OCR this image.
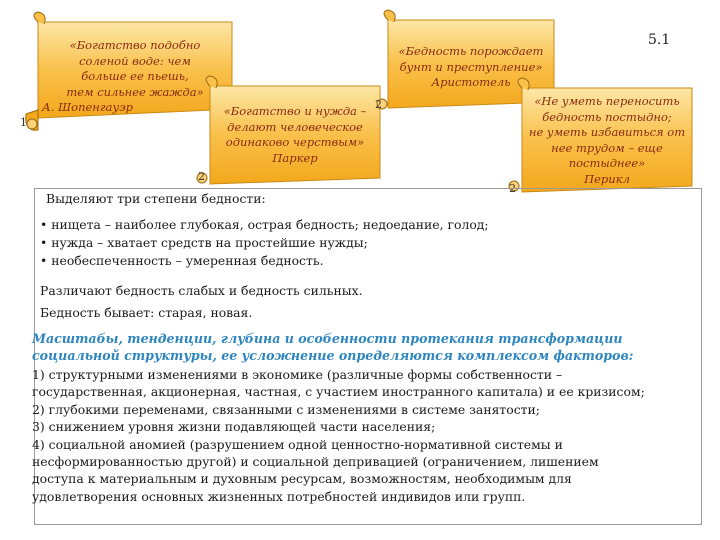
«Богатство подобно
соленой воде: чем
больше ее пьешь,
тем сильнее жажда»
А. Шопенгауэр
1
«Богатство и нужда –
делают человеческое
одинаково черствым»
Паркер
2
«Бедность порождает
бунт и преступление»
Аристотель
2	«Не уметь переносить
бедность постыдно;
не уметь избавиться от
нее трудом – еще
постыднее»
Перикл
2
5.1
Выделяют три степени бедности:
• нищета – наиболее глубокая, острая бедность; недоедание, голод;
• нужда – хватает средств на простейшие нужды;
• необеспеченность – умеренная бедность.
Различают бедность слабых и бедность сильных.
Бедность бывает: старая, новая.
Масштабы, тенденции, глубина и особенности протекания трансформации
социальной структуры, ее усложнение определяются комплексом факторов:
1) структурными изменениями в экономике (различные формы собственности –
государственная, акционерная, частная, с участием иностранного капитала) и ее кризисом;
2) глубокими переменами, связанными с изменениями в системе занятости;
3) снижением уровня жизни подавляющей части населения;
4) социальной аномией (разрушением одной ценностно-нормативной системы и
несформированностью другой) и социальной депривацией (ограничением, лишением
доступа к материальным и духовным ресурсам, возможностям, необходимым для
удовлетворения основных жизненных потребностей индивидов или групп.
